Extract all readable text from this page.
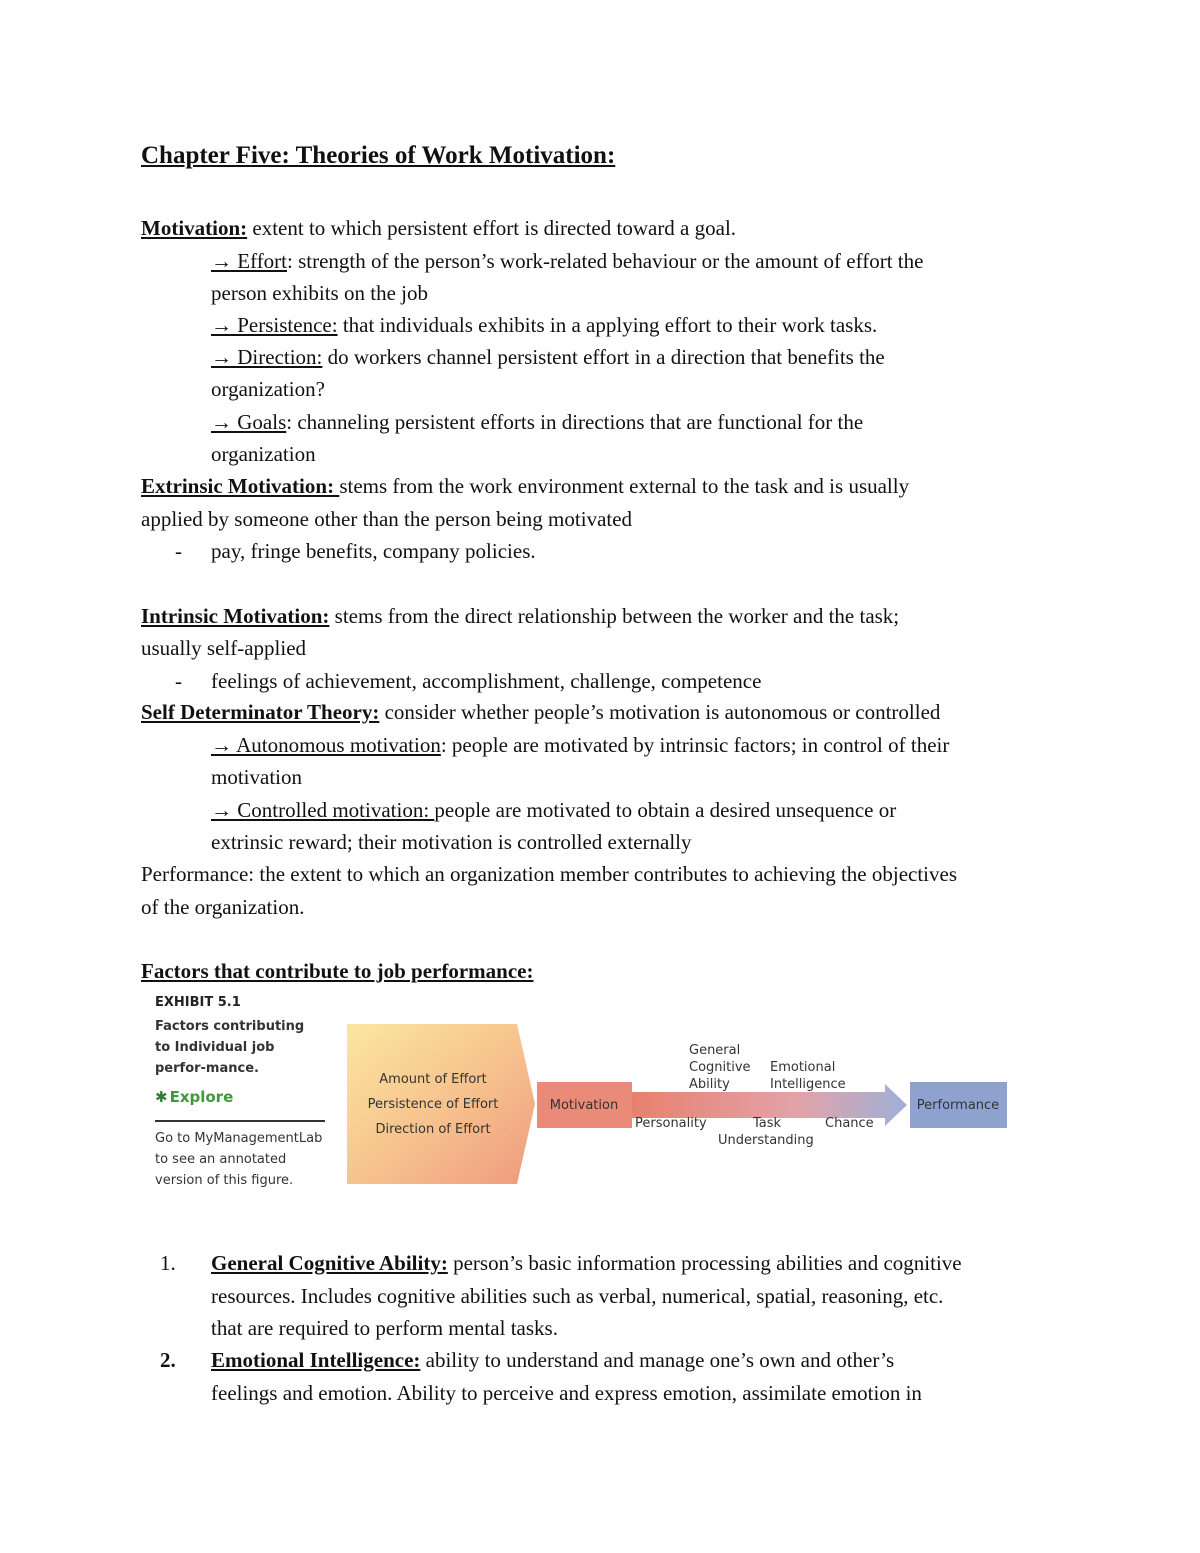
Chapter Five: Theories of Work Motivation:
Motivation: extent to which persistent effort is directed toward a goal.
→ Effort: strength of the person’s work-related behaviour or the amount of effort the
person exhibits on the job
→ Persistence: that individuals exhibits in a applying effort to their work tasks.
→ Direction: do workers channel persistent effort in a direction that benefits the
organization?
→ Goals: channeling persistent efforts in directions that are functional for the
organization
Extrinsic Motivation: stems from the work environment external to the task and is usually
applied by someone other than the person being motivated
- pay, fringe benefits, company policies.
Intrinsic Motivation: stems from the direct relationship between the worker and the task;
usually self-applied
- feelings of achievement, accomplishment, challenge, competence
Self Determinator Theory: consider whether people’s motivation is autonomous or controlled
→ Autonomous motivation: people are motivated by intrinsic factors; in control of their
motivation
→ Controlled motivation: people are motivated to obtain a desired unsequence or
extrinsic reward; their motivation is controlled externally
Performance: the extent to which an organization member contributes to achieving the objectives
of the organization.
Factors that contribute to job performance:
EXHIBIT 5.1
Factors contributing to Individual job perfor-mance.
✱ Explore
Go to MyManagementLab to see an annotated version of this figure.
Amount of Effort
Persistence of Effort
Direction of Effort
Motivation	Performance
General
Cognitive
Ability
Emotional
Intelligence
Personality	Task
Understanding
Chance
1. General Cognitive Ability: person’s basic information processing abilities and cognitive
resources. Includes cognitive abilities such as verbal, numerical, spatial, reasoning, etc.
that are required to perform mental tasks.
2. Emotional Intelligence: ability to understand and manage one’s own and other’s
feelings and emotion. Ability to perceive and express emotion, assimilate emotion in
